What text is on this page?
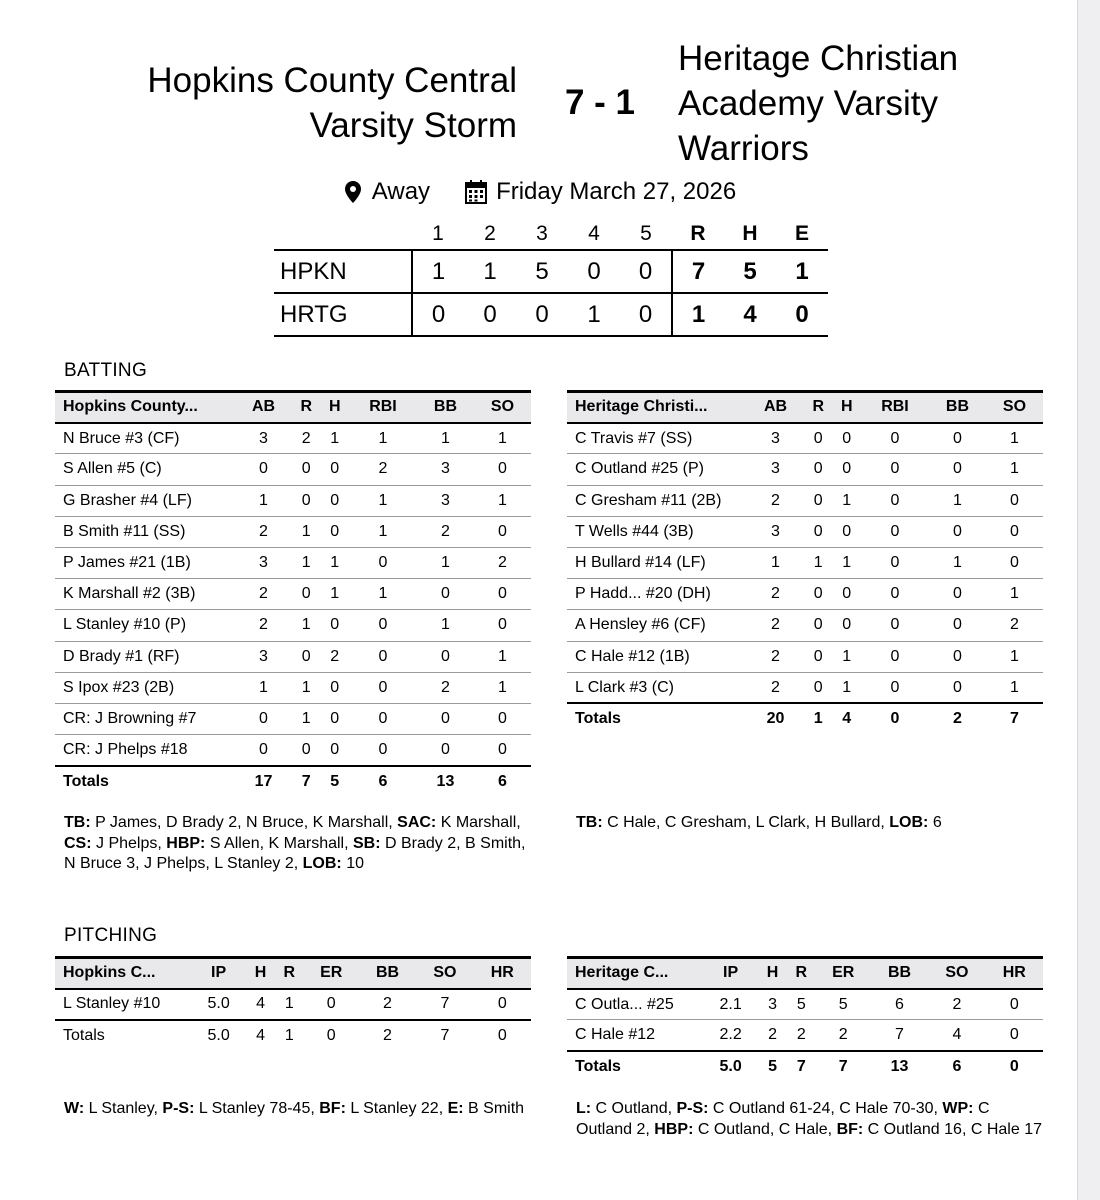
Hopkins County Central Varsity Storm
7 - 1
Heritage Christian Academy Varsity Warriors
Away	Friday March 27, 2026
	1	2	3	4	5	R	H	E
HPKN	1	1	5	0	0	7	5	1
HRTG	0	0	0	1	0	1	4	0
BATTING
Hopkins County...	AB	R	H	RBI	BB	SO
N Bruce #3 (CF)	3	2	1	1	1	1
S Allen #5 (C)	0	0	0	2	3	0
G Brasher #4 (LF)	1	0	0	1	3	1
B Smith #11 (SS)	2	1	0	1	2	0
P James #21 (1B)	3	1	1	0	1	2
K Marshall #2 (3B)	2	0	1	1	0	0
L Stanley #10 (P)	2	1	0	0	1	0
D Brady #1 (RF)	3	0	2	0	0	1
S Ipox #23 (2B)	1	1	0	0	2	1
CR: J Browning #7	0	1	0	0	0	0
CR: J Phelps #18	0	0	0	0	0	0
Totals	17	7	5	6	13	6
Heritage Christi...	AB	R	H	RBI	BB	SO
C Travis #7 (SS)	3	0	0	0	0	1
C Outland #25 (P)	3	0	0	0	0	1
C Gresham #11 (2B)	2	0	1	0	1	0
T Wells #44 (3B)	3	0	0	0	0	0
H Bullard #14 (LF)	1	1	1	0	1	0
P Hadd... #20 (DH)	2	0	0	0	0	1
A Hensley #6 (CF)	2	0	0	0	0	2
C Hale #12 (1B)	2	0	1	0	0	1
L Clark #3 (C)	2	0	1	0	0	1
Totals	20	1	4	0	2	7
TB: P James, D Brady 2, N Bruce, K Marshall, SAC: K Marshall, CS: J Phelps, HBP: S Allen, K Marshall, SB: D Brady 2, B Smith, N Bruce 3, J Phelps, L Stanley 2, LOB: 10
TB: C Hale, C Gresham, L Clark, H Bullard, LOB: 6
PITCHING
Hopkins C...	IP	H	R	ER	BB	SO	HR
L Stanley #10	5.0	4	1	0	2	7	0
Totals	5.0	4	1	0	2	7	0
Heritage C...	IP	H	R	ER	BB	SO	HR
C Outla... #25	2.1	3	5	5	6	2	0
C Hale #12	2.2	2	2	2	7	4	0
Totals	5.0	5	7	7	13	6	0
W: L Stanley, P-S: L Stanley 78-45, BF: L Stanley 22, E: B Smith	L: C Outland, P-S: C Outland 61-24, C Hale 70-30, WP: C Outland 2, HBP: C Outland, C Hale, BF: C Outland 16, C Hale 17
